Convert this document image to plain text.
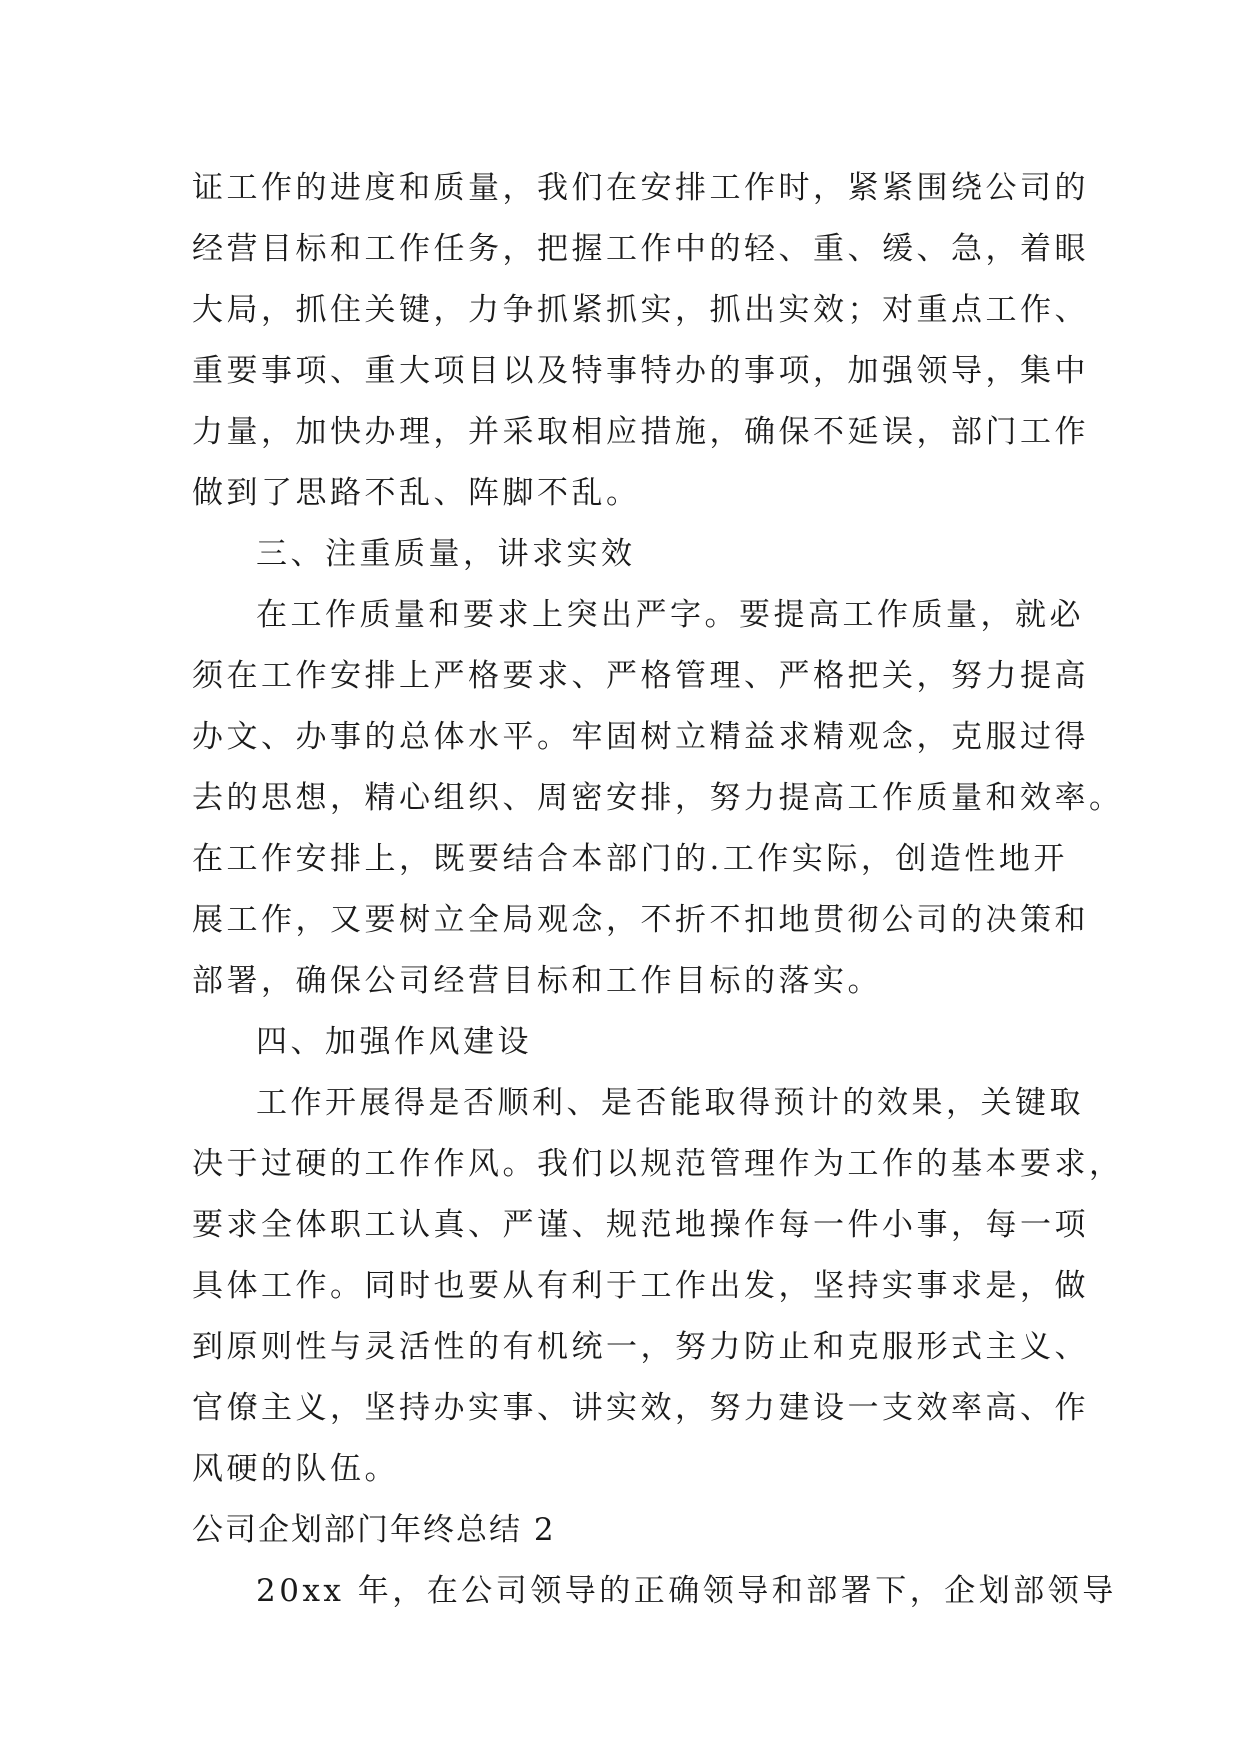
证工作的进度和质量，我们在安排工作时，紧紧围绕公司的
经营目标和工作任务，把握工作中的轻、重、缓、急，着眼
大局，抓住关键，力争抓紧抓实，抓出实效；对重点工作、
重要事项、重大项目以及特事特办的事项，加强领导，集中
力量，加快办理，并采取相应措施，确保不延误，部门工作
做到了思路不乱、阵脚不乱。
三、注重质量，讲求实效
在工作质量和要求上突出严字。要提高工作质量，就必
须在工作安排上严格要求、严格管理、严格把关，努力提高
办文、办事的总体水平。牢固树立精益求精观念，克服过得
去的思想，精心组织、周密安排，努力提高工作质量和效率。
在工作安排上，既要结合本部门的.工作实际，创造性地开
展工作，又要树立全局观念，不折不扣地贯彻公司的决策和
部署，确保公司经营目标和工作目标的落实。
四、加强作风建设
工作开展得是否顺利、是否能取得预计的效果，关键取
决于过硬的工作作风。我们以规范管理作为工作的基本要求，
要求全体职工认真、严谨、规范地操作每一件小事，每一项
具体工作。同时也要从有利于工作出发，坚持实事求是，做
到原则性与灵活性的有机统一，努力防止和克服形式主义、
官僚主义，坚持办实事、讲实效，努力建设一支效率高、作
风硬的队伍。
公司企划部门年终总结 2
20xx 年，在公司领导的正确领导和部署下，企划部领导
